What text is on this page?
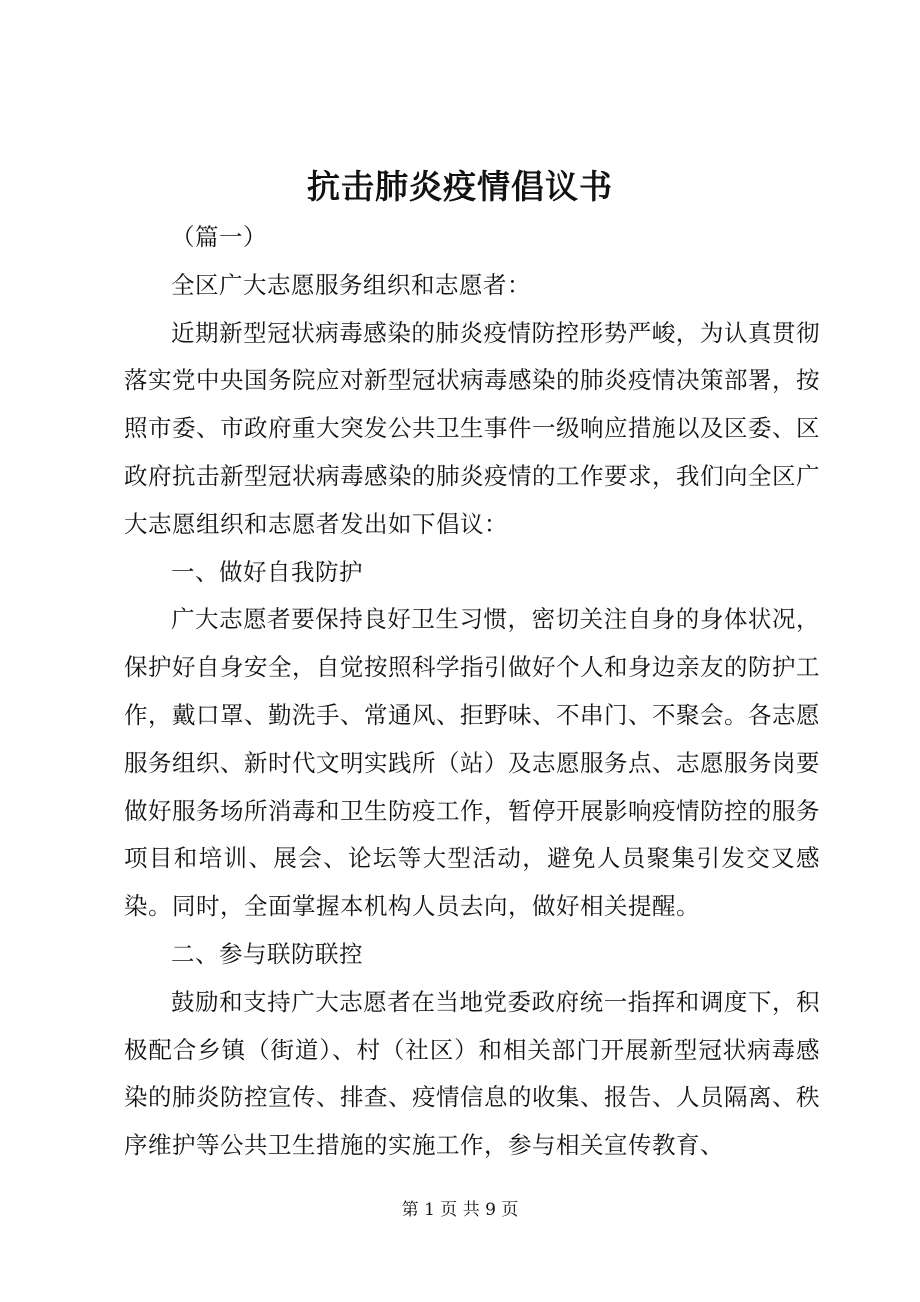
抗击肺炎疫情倡议书

（篇一）

全区广大志愿服务组织和志愿者：

近期新型冠状病毒感染的肺炎疫情防控形势严峻，为认真贯彻落实党中央国务院应对新型冠状病毒感染的肺炎疫情决策部署，按照市委、市政府重大突发公共卫生事件一级响应措施以及区委、区政府抗击新型冠状病毒感染的肺炎疫情的工作要求，我们向全区广大志愿组织和志愿者发出如下倡议：

一、做好自我防护

广大志愿者要保持良好卫生习惯，密切关注自身的身体状况，保护好自身安全，自觉按照科学指引做好个人和身边亲友的防护工作，戴口罩、勤洗手、常通风、拒野味、不串门、不聚会。各志愿服务组织、新时代文明实践所（站）及志愿服务点、志愿服务岗要做好服务场所消毒和卫生防疫工作，暂停开展影响疫情防控的服务项目和培训、展会、论坛等大型活动，避免人员聚集引发交叉感染。同时，全面掌握本机构人员去向，做好相关提醒。

二、参与联防联控

鼓励和支持广大志愿者在当地党委政府统一指挥和调度下，积极配合乡镇（街道）、村（社区）和相关部门开展新型冠状病毒感染的肺炎防控宣传、排查、疫情信息的收集、报告、人员隔离、秩序维护等公共卫生措施的实施工作，参与相关宣传教育、

第 1 页 共 9 页
